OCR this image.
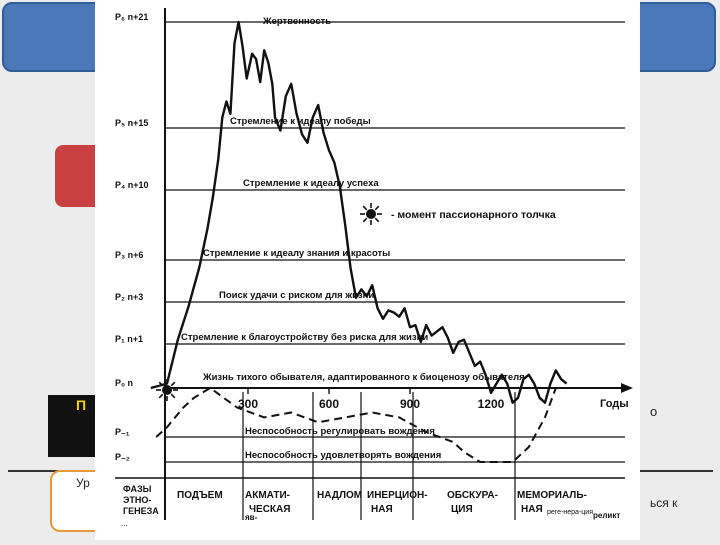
П
Ур
о
ься к
Жертвенность
Стремление к идеалу победы
Стремление к идеалу успеха
Стремление к идеалу знания и красоты
Поиск удачи с риском для жизни
Стремление к благоустройству без риска для жизни
Жизнь тихого обывателя, адаптированного к биоценозу обывателя
Неспособность регулировать вождения
Неспособность удовлетворять вождения
P₆ n+21
P₅ n+15
P₄ n+10
P₃ n+6
P₂ n+3
P₁ n+1
P₀ n
P₋₁
P₋₂
300	600	900	1200	Годы
ФАЗЫ
ЭТНО-
ГЕНЕЗА
ПОДЪЕМ АКМАТИ-
ЧЕСКАЯ
НАДЛОМ ИНЕРЦИОН-
НАЯ
ОБСКУРА-
ЦИЯ
МЕМОРИАЛЬ-
НАЯ реге-нера-ция реликт
яв-
...
- момент пассионарного толчка
